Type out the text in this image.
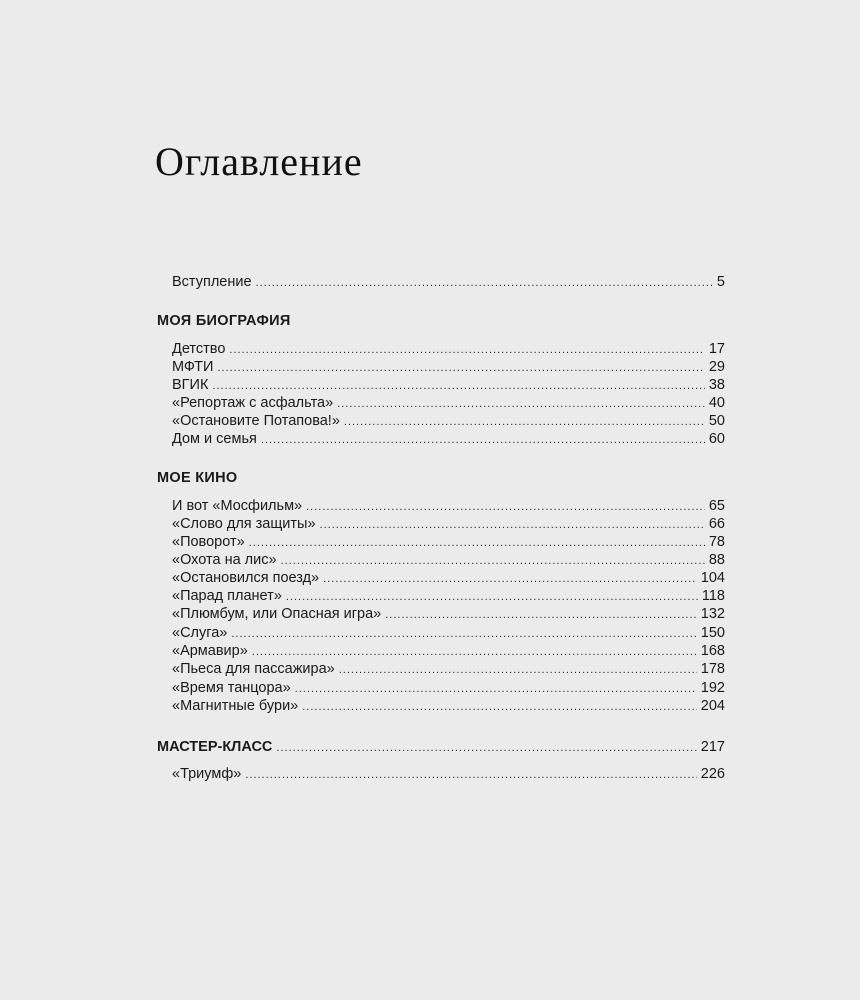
Оглавление
Вступление .....	5
МОЯ БИОГРАФИЯ
Детство .....	17
МФТИ .....	29
ВГИК .....	38
«Репортаж с асфальта» .....	40
«Остановите Потапова!» .....	50
Дом и семья .....	60
МОЕ КИНО
И вот «Мосфильм» .....	65
«Слово для защиты» .....	66
«Поворот» .....	78
«Охота на лис» .....	88
«Остановился поезд» .....	104
«Парад планет» .....	118
«Плюмбум, или Опасная игра» .....	132
«Слуга» .....	150
«Армавир» .....	168
«Пьеса для пассажира» .....	178
«Время танцора» .....	192
«Магнитные бури» .....	204
МАСТЕР-КЛАСС .....	217
«Триумф» .....	226
